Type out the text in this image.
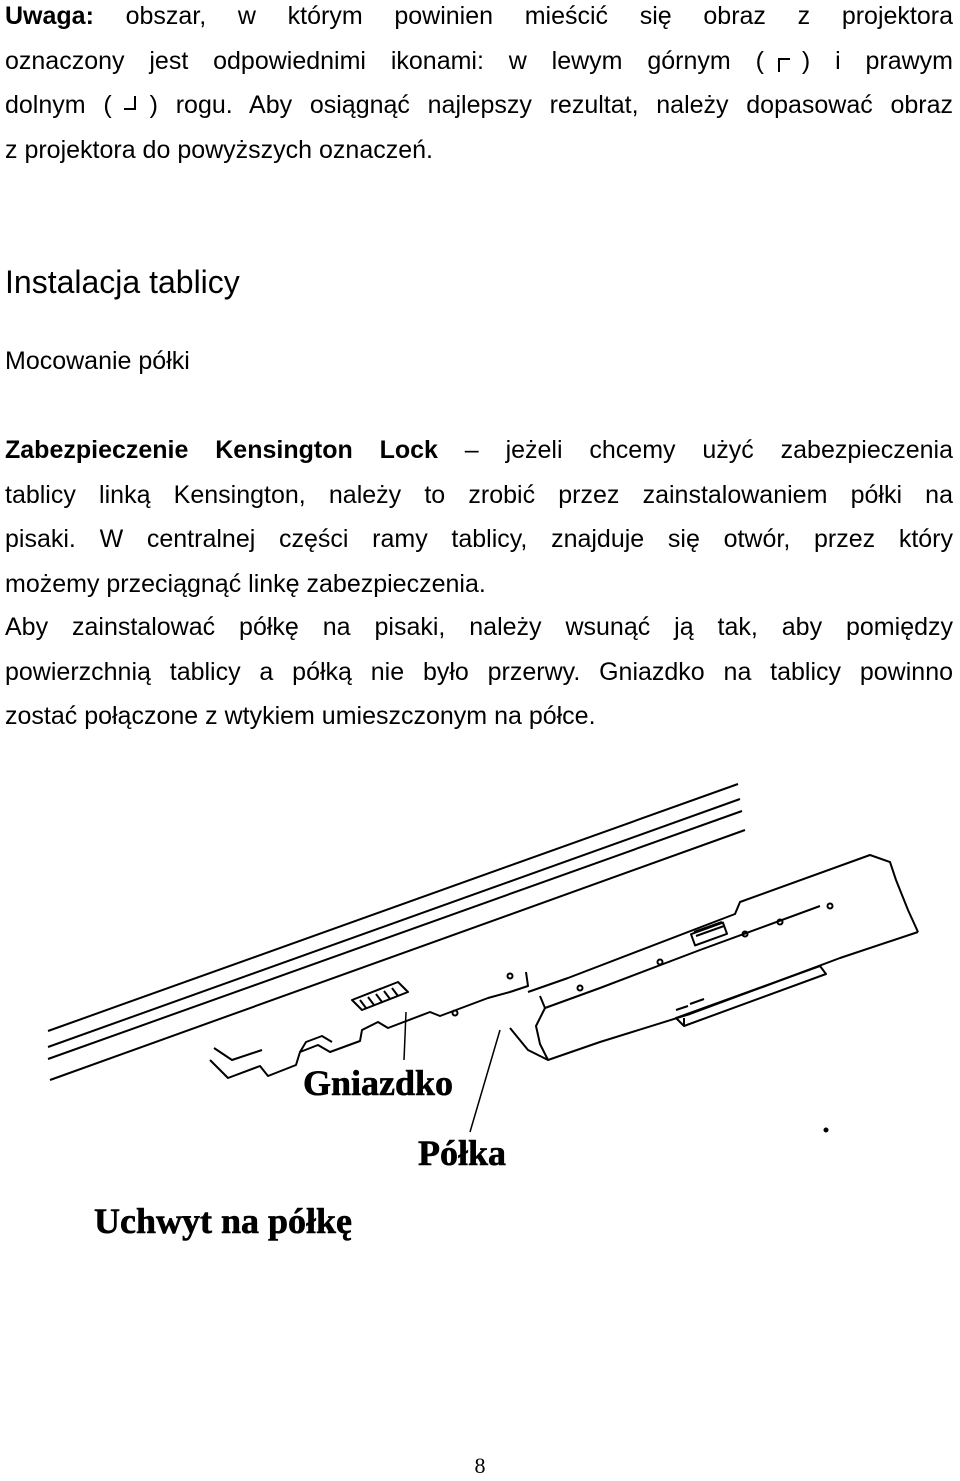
Uwaga: obszar, w którym powinien mieścić się obraz z projektora
oznaczony jest odpowiednimi ikonami: w lewym górnym ( ) i prawym
dolnym ( ) rogu. Aby osiągnąć najlepszy rezultat, należy dopasować obraz
z projektora do powyższych oznaczeń.
Instalacja tablicy
Mocowanie półki
Zabezpieczenie Kensington Lock – jeżeli chcemy użyć zabezpieczenia
tablicy linką Kensington, należy to zrobić przez zainstalowaniem półki na
pisaki. W centralnej części ramy tablicy, znajduje się otwór, przez który
możemy przeciągnąć linkę zabezpieczenia.
Aby zainstalować półkę na pisaki, należy wsunąć ją tak, aby pomiędzy
powierzchnią tablicy a półką nie było przerwy. Gniazdko na tablicy powinno
zostać połączone z wtykiem umieszczonym na półce.
Gniazdko
Półka
Uchwyt na półkę
8
